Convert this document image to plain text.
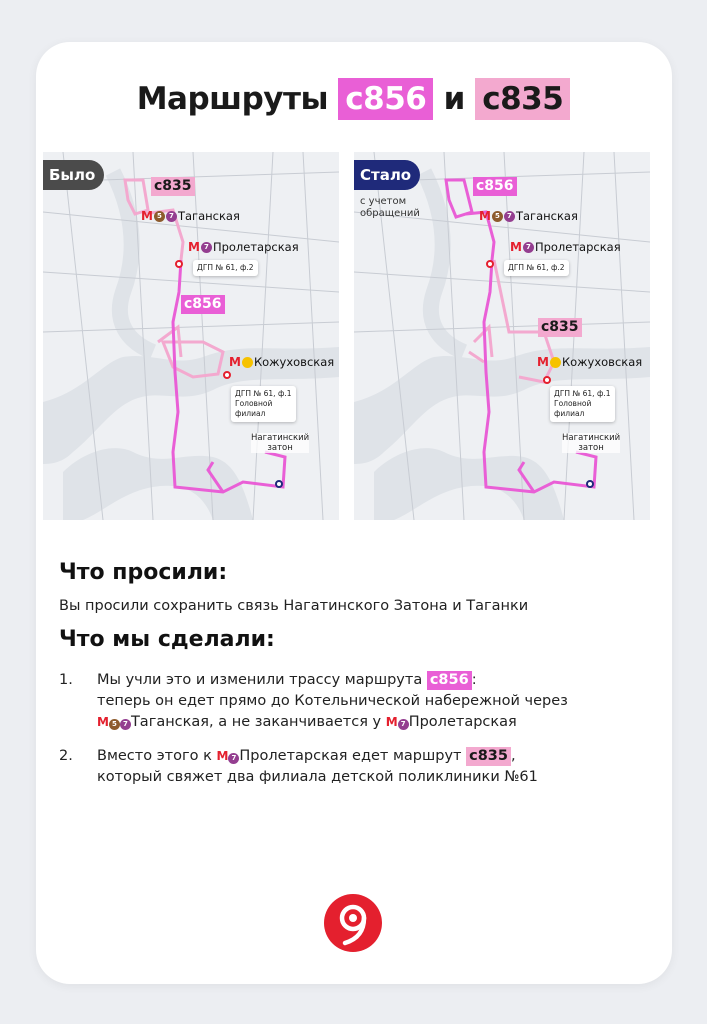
Маршруты с856 и с835
Было
с835
М 5	7 Таганская
М 7 Пролетарская
ДГП № 61, ф.2
с856
М Кожуховская
ДГП № 61, ф.1
Головной
филиал
Нагатинский
затон
Стало
с учетом
обращений
с856
М 5	7 Таганская
М 7 Пролетарская
ДГП № 61, ф.2
с835
М Кожуховская
ДГП № 61, ф.1
Головной
филиал
Нагатинский
затон
Что просили:
Вы просили сохранить связь Нагатинского Затона и Таганки
Что мы сделали:
1. Мы учли это и изменили трассу маршрута с856 :
теперь он едет прямо до Котельнической набережной через
М 5 7 Таганская, а не заканчивается у М 7 Пролетарская
2. Вместо этого к М 7 Пролетарская едет маршрут с835 ,
который свяжет два филиала детской поликлиники №61
